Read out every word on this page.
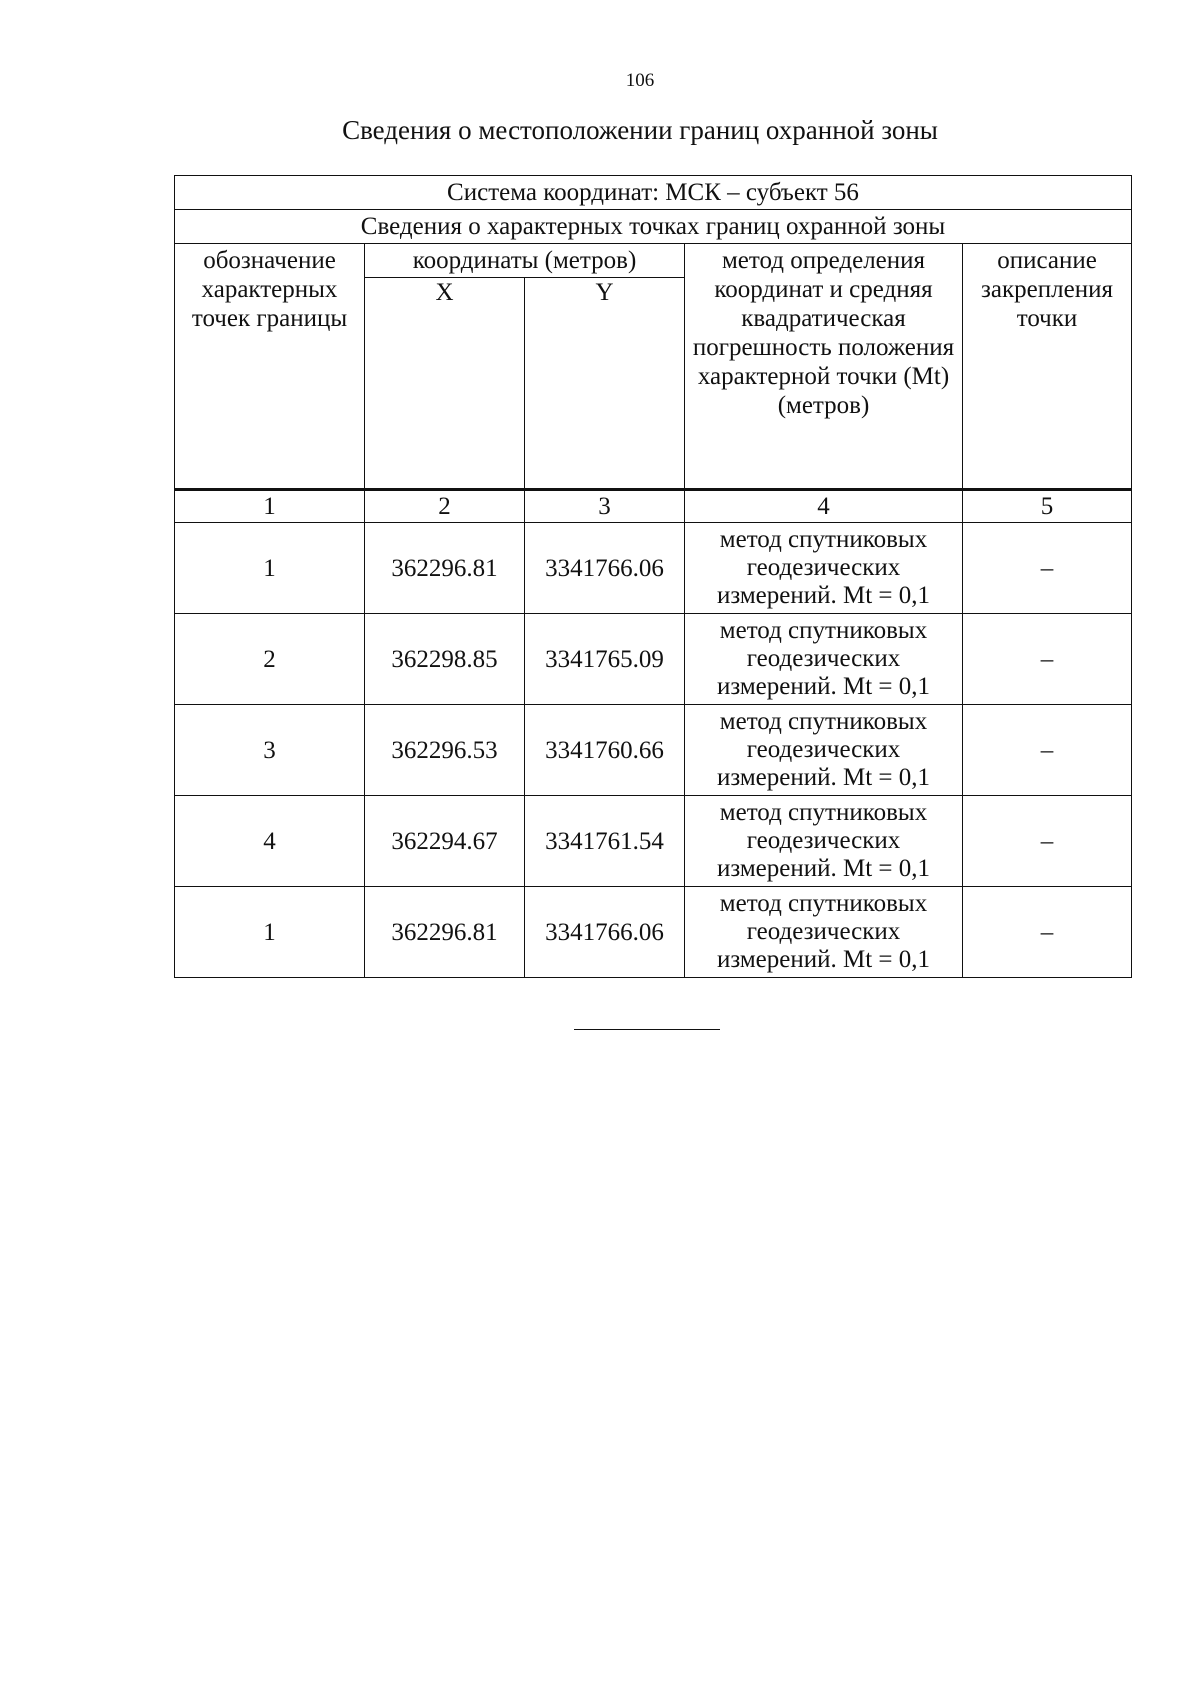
106
Сведения о местоположении границ охранной зоны
Система координат: МСК – субъект 56				
Сведения о характерных точках границ охранной зоны				
обозначение характерных точек границы	координаты (метров)		метод определения координат и средняя квадратическая погрешность положения характерной точки (Mt) (метров)	описание закрепления точки
	X	Y		
1	2	3	4	5
1	362296.81	3341766.06	метод спутниковых геодезических измерений. Mt = 0,1	–
2	362298.85	3341765.09	метод спутниковых геодезических измерений. Mt = 0,1	–
3	362296.53	3341760.66	метод спутниковых геодезических измерений. Mt = 0,1	–
4	362294.67	3341761.54	метод спутниковых геодезических измерений. Mt = 0,1	–
1	362296.81	3341766.06	метод спутниковых геодезических измерений. Mt = 0,1	–
